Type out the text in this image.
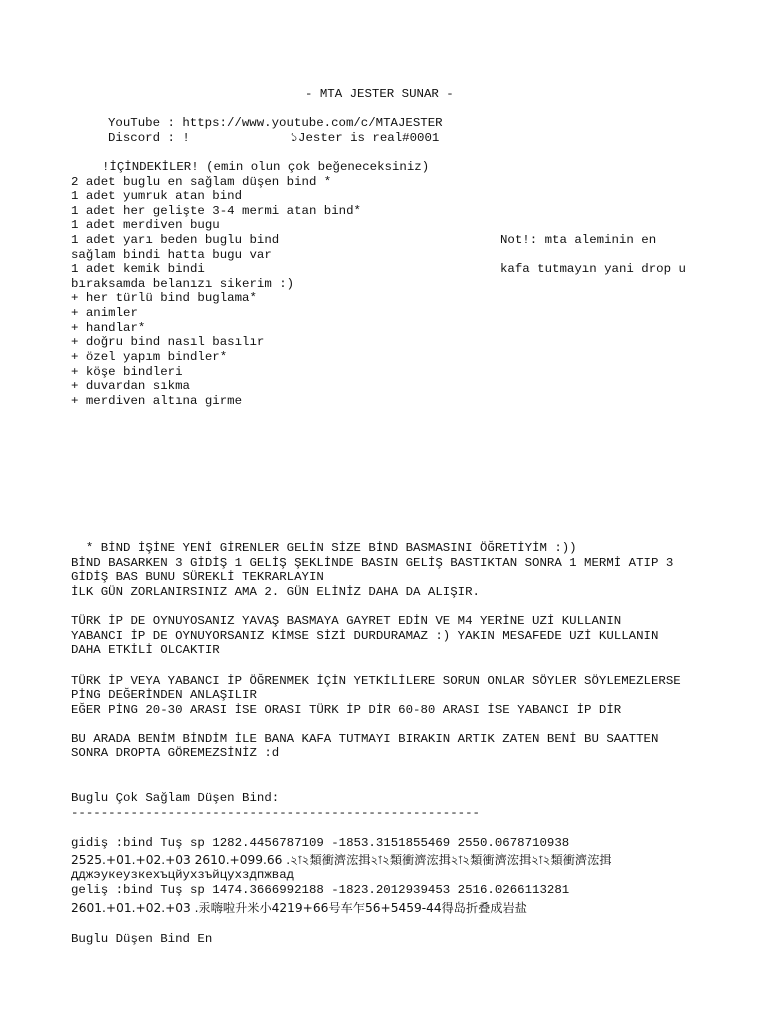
- MTA JESTER SUNAR -
YouTube : https://www.youtube.com/c/MTAJESTER
Discord : !	১Jester is real#0001
!İÇİNDEKİLER! (emin olun çok beğeneceksiniz)
2 adet buglu en sağlam düşen bind *
1 adet yumruk atan bind
1 adet her gelişte 3-4 mermi atan bind*
1 adet merdiven bugu
1 adet yarı beden buglu bind	Not!: mta aleminin en
sağlam bindi hatta bugu var
1 adet kemik bindi	kafa tutmayın yani drop u
bıraksamda belanızı sikerim :)
+ her türlü bind buglama*
+ animler
+ handlar*
+ doğru bind nasıl basılır
+ özel yapım bindler*
+ köşe bindleri
+ duvardan sıkma
+ merdiven altına girme
* BİND İŞİNE YENİ GİRENLER GELİN SİZE BİND BASMASINI ÖĞRETİYİM :))
BİND BASARKEN 3 GİDİŞ 1 GELİŞ ŞEKLİNDE BASIN GELİŞ BASTIKTAN SONRA 1 MERMİ ATIP 3
GİDİŞ BAS BUNU SÜREKLİ TEKRARLAYIN
İLK GÜN ZORLANIRSINIZ AMA 2. GÜN ELİNİZ DAHA DA ALIŞIR.
TÜRK İP DE OYNUYOSANIZ YAVAŞ BASMAYA GAYRET EDİN VE M4 YERİNE UZİ KULLANIN
YABANCI İP DE OYNUYORSANIZ KİMSE SİZİ DURDURAMAZ :) YAKIN MESAFEDE UZİ KULLANIN
DAHA ETKİLİ OLCAKTIR
TÜRK İP VEYA YABANCI İP ÖĞRENMEK İÇİN YETKİLİLERE SORUN ONLAR SÖYLER SÖYLEMEZLERSE
PİNG DEĞERİNDEN ANLAŞILIR
EĞER PİNG 20-30 ARASI İSE ORASI TÜRK İP DİR 60-80 ARASI İSE YABANCI İP DİR
BU ARADA BENİM BİNDİM İLE BANA KAFA TUTMAYI BIRAKIN ARTIK ZATEN BENİ BU SAATTEN
SONRA DROPTA GÖREMEZSİNİZ :d
Buglu Çok Sağlam Düşen Bind:
-------------------------------------------------------
gidiş :bind Tuş sp 1282.4456787109 -1853.3151855469 2550.0678710938
2525.+01.+02.+03 2610.+099.66 .২া২類衝濟浤揖২া২類衝濟浤揖২া২類衝濟浤揖২া২類衝濟浤揖
дджэукеузкехъцйухзъйцухздпжвад
geliş :bind Tuş sp 1474.3666992188 -1823.2012939453 2516.0266113281
2601.+01.+02.+03 .汞嗨啦升米小4219+66号车乍56+5459-44得岛折叠成岩盐
Buglu Düşen Bind En
